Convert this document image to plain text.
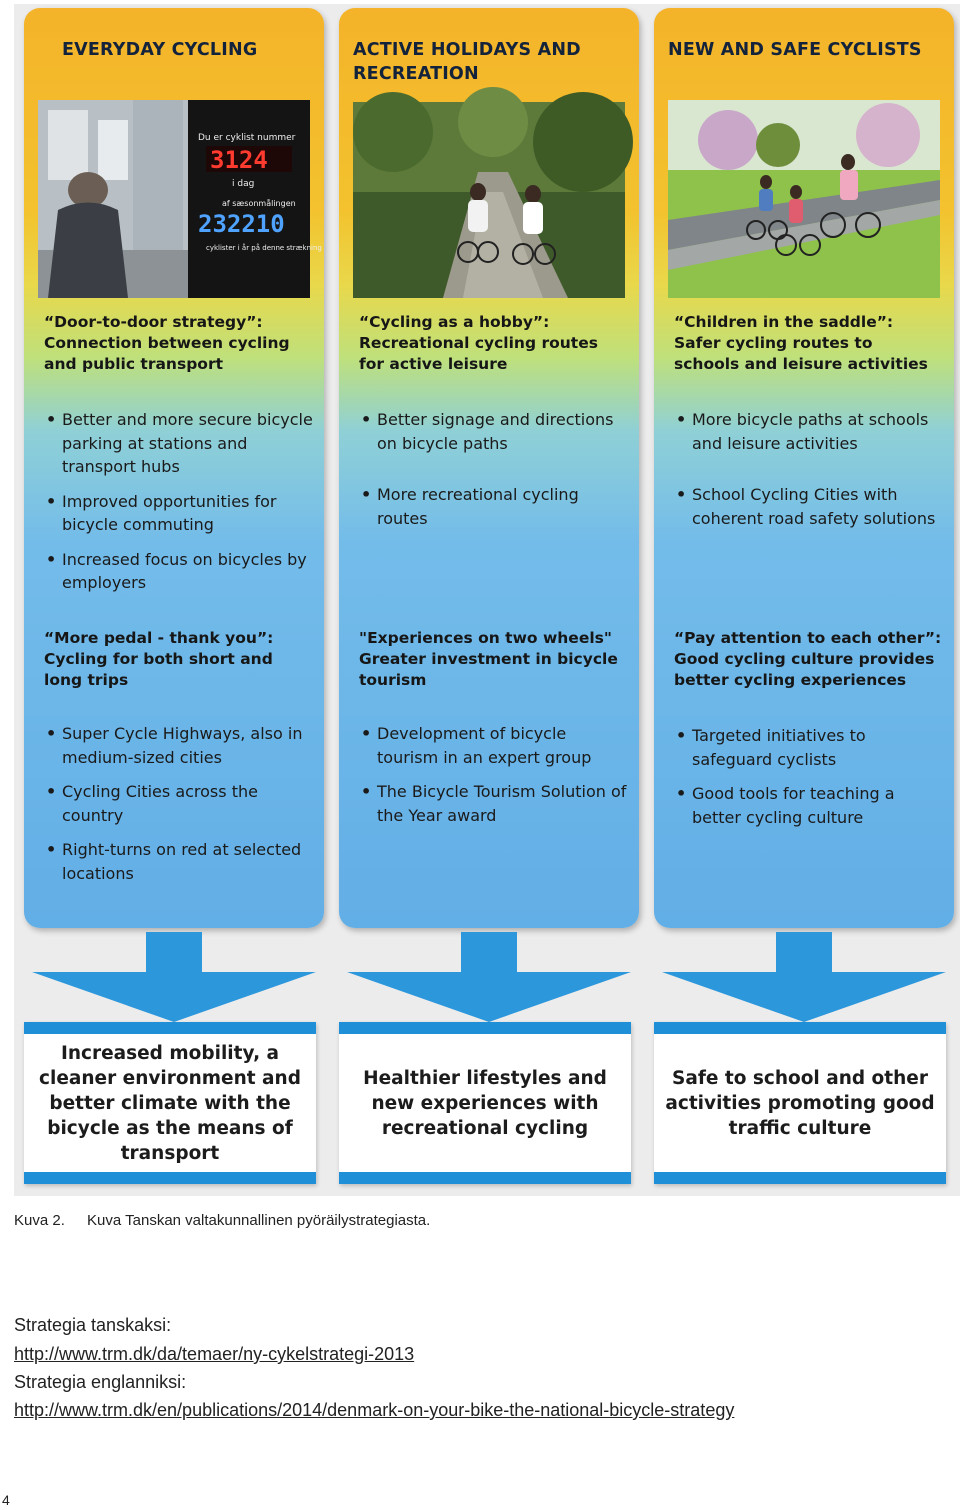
EVERYDAY CYCLING
Du er cyklist nummer
3124
i dag
af sæsonmålingen
232210
cyklister i år på denne strækning
“Door-to-door strategy”: Connection between cycling and public transport
• Better and more secure bicycle parking at stations and transport hubs
• Improved opportunities for bicycle commuting
• Increased focus on bicycles by employers
“More pedal - thank you”: Cycling for both short and long trips
• Super Cycle Highways, also in medium-sized cities
• Cycling Cities across the country
• Right-turns on red at selected locations
ACTIVE HOLIDAYS AND RECREATION
“Cycling as a hobby”: Recreational cycling routes for active leisure
• Better signage and directions on bicycle paths
• More recreational cycling routes
"Experiences on two wheels" Greater investment in bicycle tourism
• Development of bicycle tourism in an expert group
• The Bicycle Tourism Solution of the Year award
NEW AND SAFE CYCLISTS
“Children in the saddle”: Safer cycling routes to schools and leisure activities
• More bicycle paths at schools and leisure activities
• School Cycling Cities with coherent road safety solutions
“Pay attention to each other”: Good cycling culture provides better cycling experiences
• Targeted initiatives to safeguard cyclists
• Good tools for teaching a better cycling culture
Increased mobility, a cleaner environment and better climate with the bicycle as the means of transport
Healthier lifestyles and new experiences with recreational cycling
Safe to school and other activities promoting good traffic culture
Kuva 2. Kuva Tanskan valtakunnallinen pyöräilystrategiasta.
Strategia tanskaksi:
http://www.trm.dk/da/temaer/ny-cykelstrategi-2013
Strategia englanniksi:
http://www.trm.dk/en/publications/2014/denmark-on-your-bike-the-national-bicycle-strategy
4
